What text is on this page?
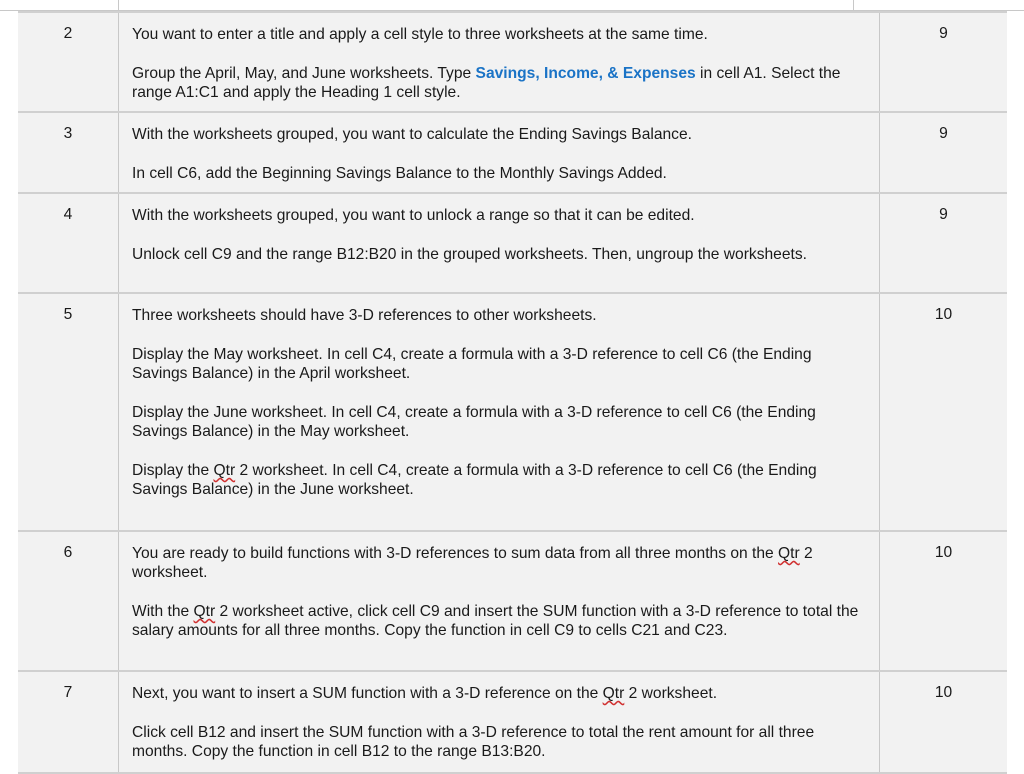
2	You want to enter a title and apply a cell style to three worksheets at the same time.

Group the April, May, and June worksheets. Type Savings, Income, & Expenses in cell A1. Select the range A1:C1 and apply the Heading 1 cell style.	9
3	With the worksheets grouped, you want to calculate the Ending Savings Balance.

In cell C6, add the Beginning Savings Balance to the Monthly Savings Added.	9
4	With the worksheets grouped, you want to unlock a range so that it can be edited.

Unlock cell C9 and the range B12:B20 in the grouped worksheets. Then, ungroup the worksheets.	9
5	Three worksheets should have 3-D references to other worksheets.

Display the May worksheet. In cell C4, create a formula with a 3-D reference to cell C6 (the Ending Savings Balance) in the April worksheet.

Display the June worksheet. In cell C4, create a formula with a 3-D reference to cell C6 (the Ending Savings Balance) in the May worksheet.

Display the Qtr 2 worksheet. In cell C4, create a formula with a 3-D reference to cell C6 (the Ending Savings Balance) in the June worksheet.	10
6	You are ready to build functions with 3-D references to sum data from all three months on the Qtr 2 worksheet.

With the Qtr 2 worksheet active, click cell C9 and insert the SUM function with a 3-D reference to total the salary amounts for all three months. Copy the function in cell C9 to cells C21 and C23.	10
7	Next, you want to insert a SUM function with a 3-D reference on the Qtr 2 worksheet.

Click cell B12 and insert the SUM function with a 3-D reference to total the rent amount for all three months. Copy the function in cell B12 to the range B13:B20.	10
